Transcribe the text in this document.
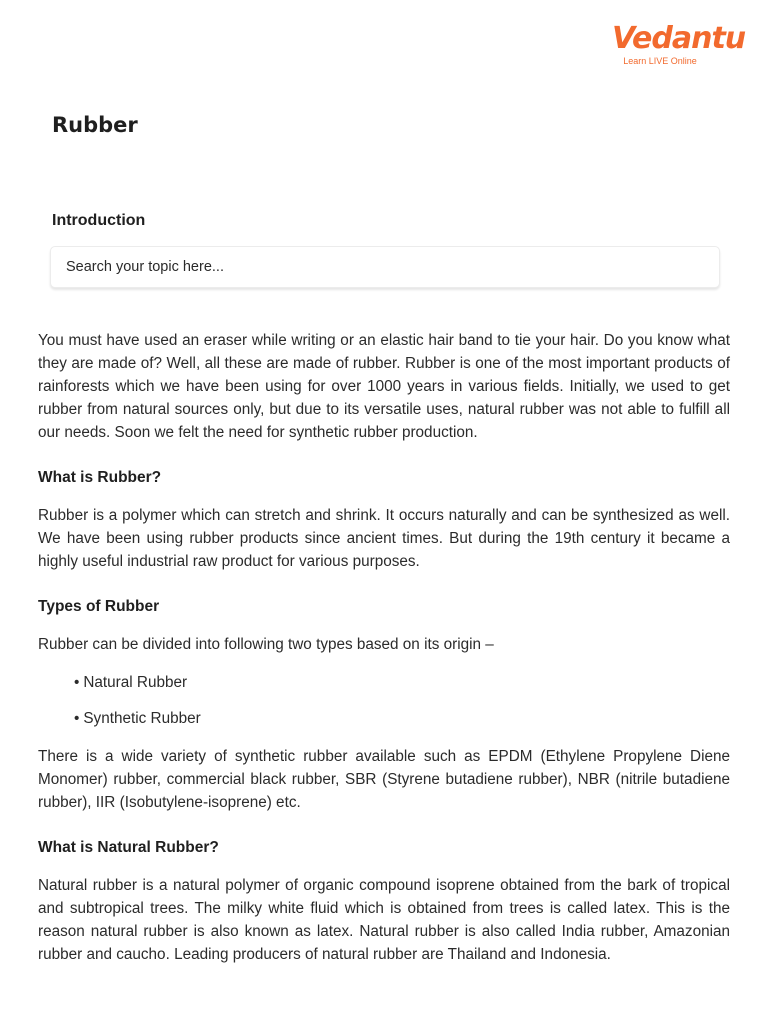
Vedantu
Learn LIVE Online
Rubber
Introduction
Search your topic here...

You must have used an eraser while writing or an elastic hair band to tie your hair. Do you know what they are made of? Well, all these are made of rubber. Rubber is one of the most important products of rainforests which we have been using for over 1000 years in various fields. Initially, we used to get rubber from natural sources only, but due to its versatile uses, natural rubber was not able to fulfill all our needs. Soon we felt the need for synthetic rubber production.

What is Rubber?

Rubber is a polymer which can stretch and shrink. It occurs naturally and can be synthesized as well. We have been using rubber products since ancient times. But during the 19th century it became a highly useful industrial raw product for various purposes.

Types of Rubber

Rubber can be divided into following two types based on its origin –

• Natural Rubber
• Synthetic Rubber

There is a wide variety of synthetic rubber available such as EPDM (Ethylene Propylene Diene Monomer) rubber, commercial black rubber, SBR (Styrene butadiene rubber), NBR (nitrile butadiene rubber), IIR (Isobutylene-isoprene) etc.

What is Natural Rubber?

Natural rubber is a natural polymer of organic compound isoprene obtained from the bark of tropical and subtropical trees. The milky white fluid which is obtained from trees is called latex. This is the reason natural rubber is also known as latex. Natural rubber is also called India rubber, Amazonian rubber and caucho. Leading producers of natural rubber are Thailand and Indonesia.
